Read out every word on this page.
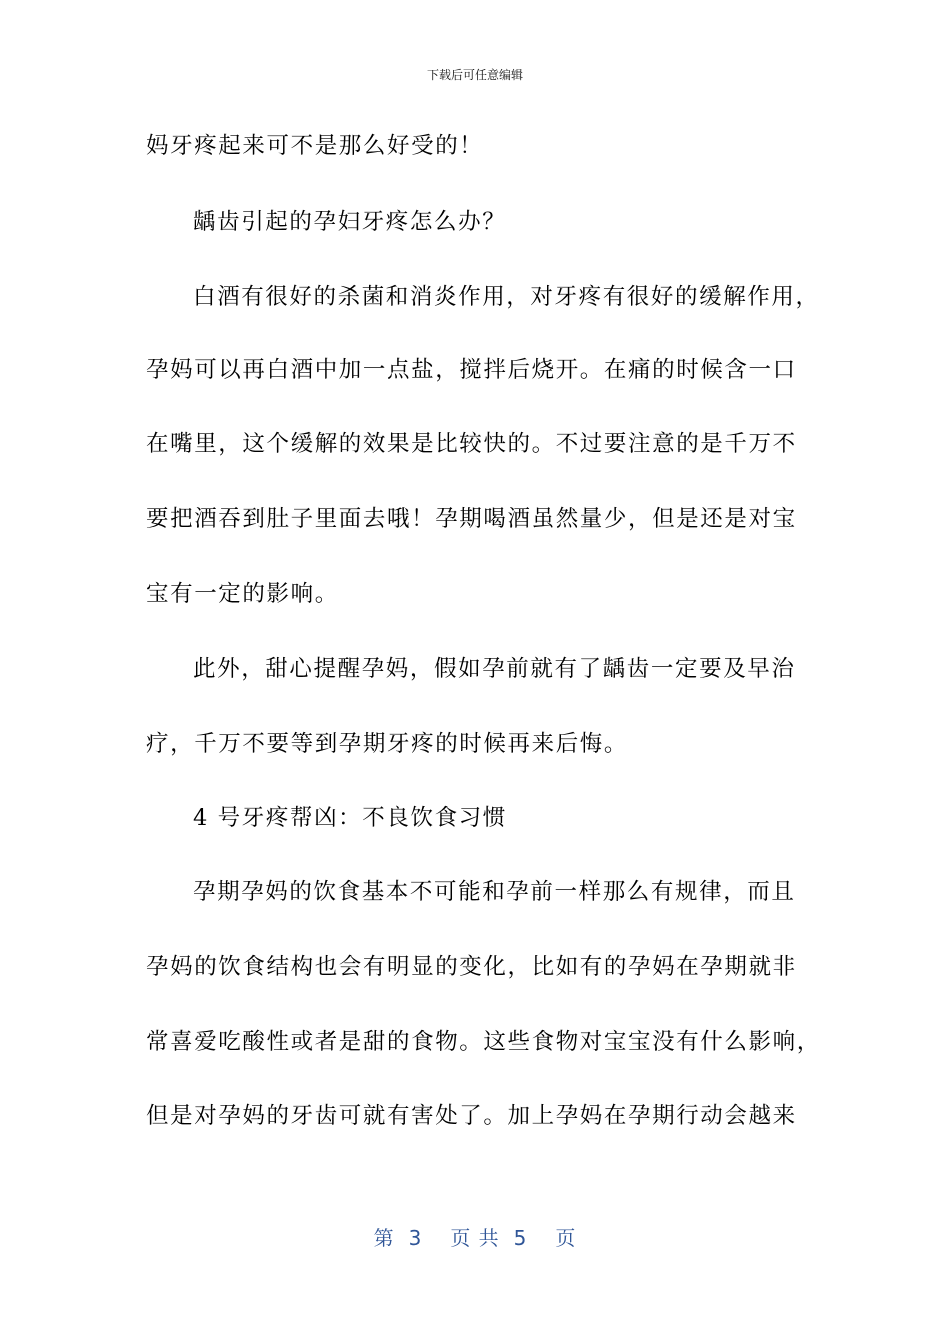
下载后可任意编辑
妈牙疼起来可不是那么好受的！
龋齿引起的孕妇牙疼怎么办？
白酒有很好的杀菌和消炎作用，对牙疼有很好的缓解作用，
孕妈可以再白酒中加一点盐，搅拌后烧开。在痛的时候含一口
在嘴里，这个缓解的效果是比较快的。不过要注意的是千万不
要把酒吞到肚子里面去哦！孕期喝酒虽然量少，但是还是对宝
宝有一定的影响。
此外，甜心提醒孕妈，假如孕前就有了龋齿一定要及早治
疗，千万不要等到孕期牙疼的时候再来后悔。
4 号牙疼帮凶：不良饮食习惯
孕期孕妈的饮食基本不可能和孕前一样那么有规律，而且
孕妈的饮食结构也会有明显的变化，比如有的孕妈在孕期就非
常喜爱吃酸性或者是甜的食物。这些食物对宝宝没有什么影响，
但是对孕妈的牙齿可就有害处了。加上孕妈在孕期行动会越来
第 3 页 共 5 页
